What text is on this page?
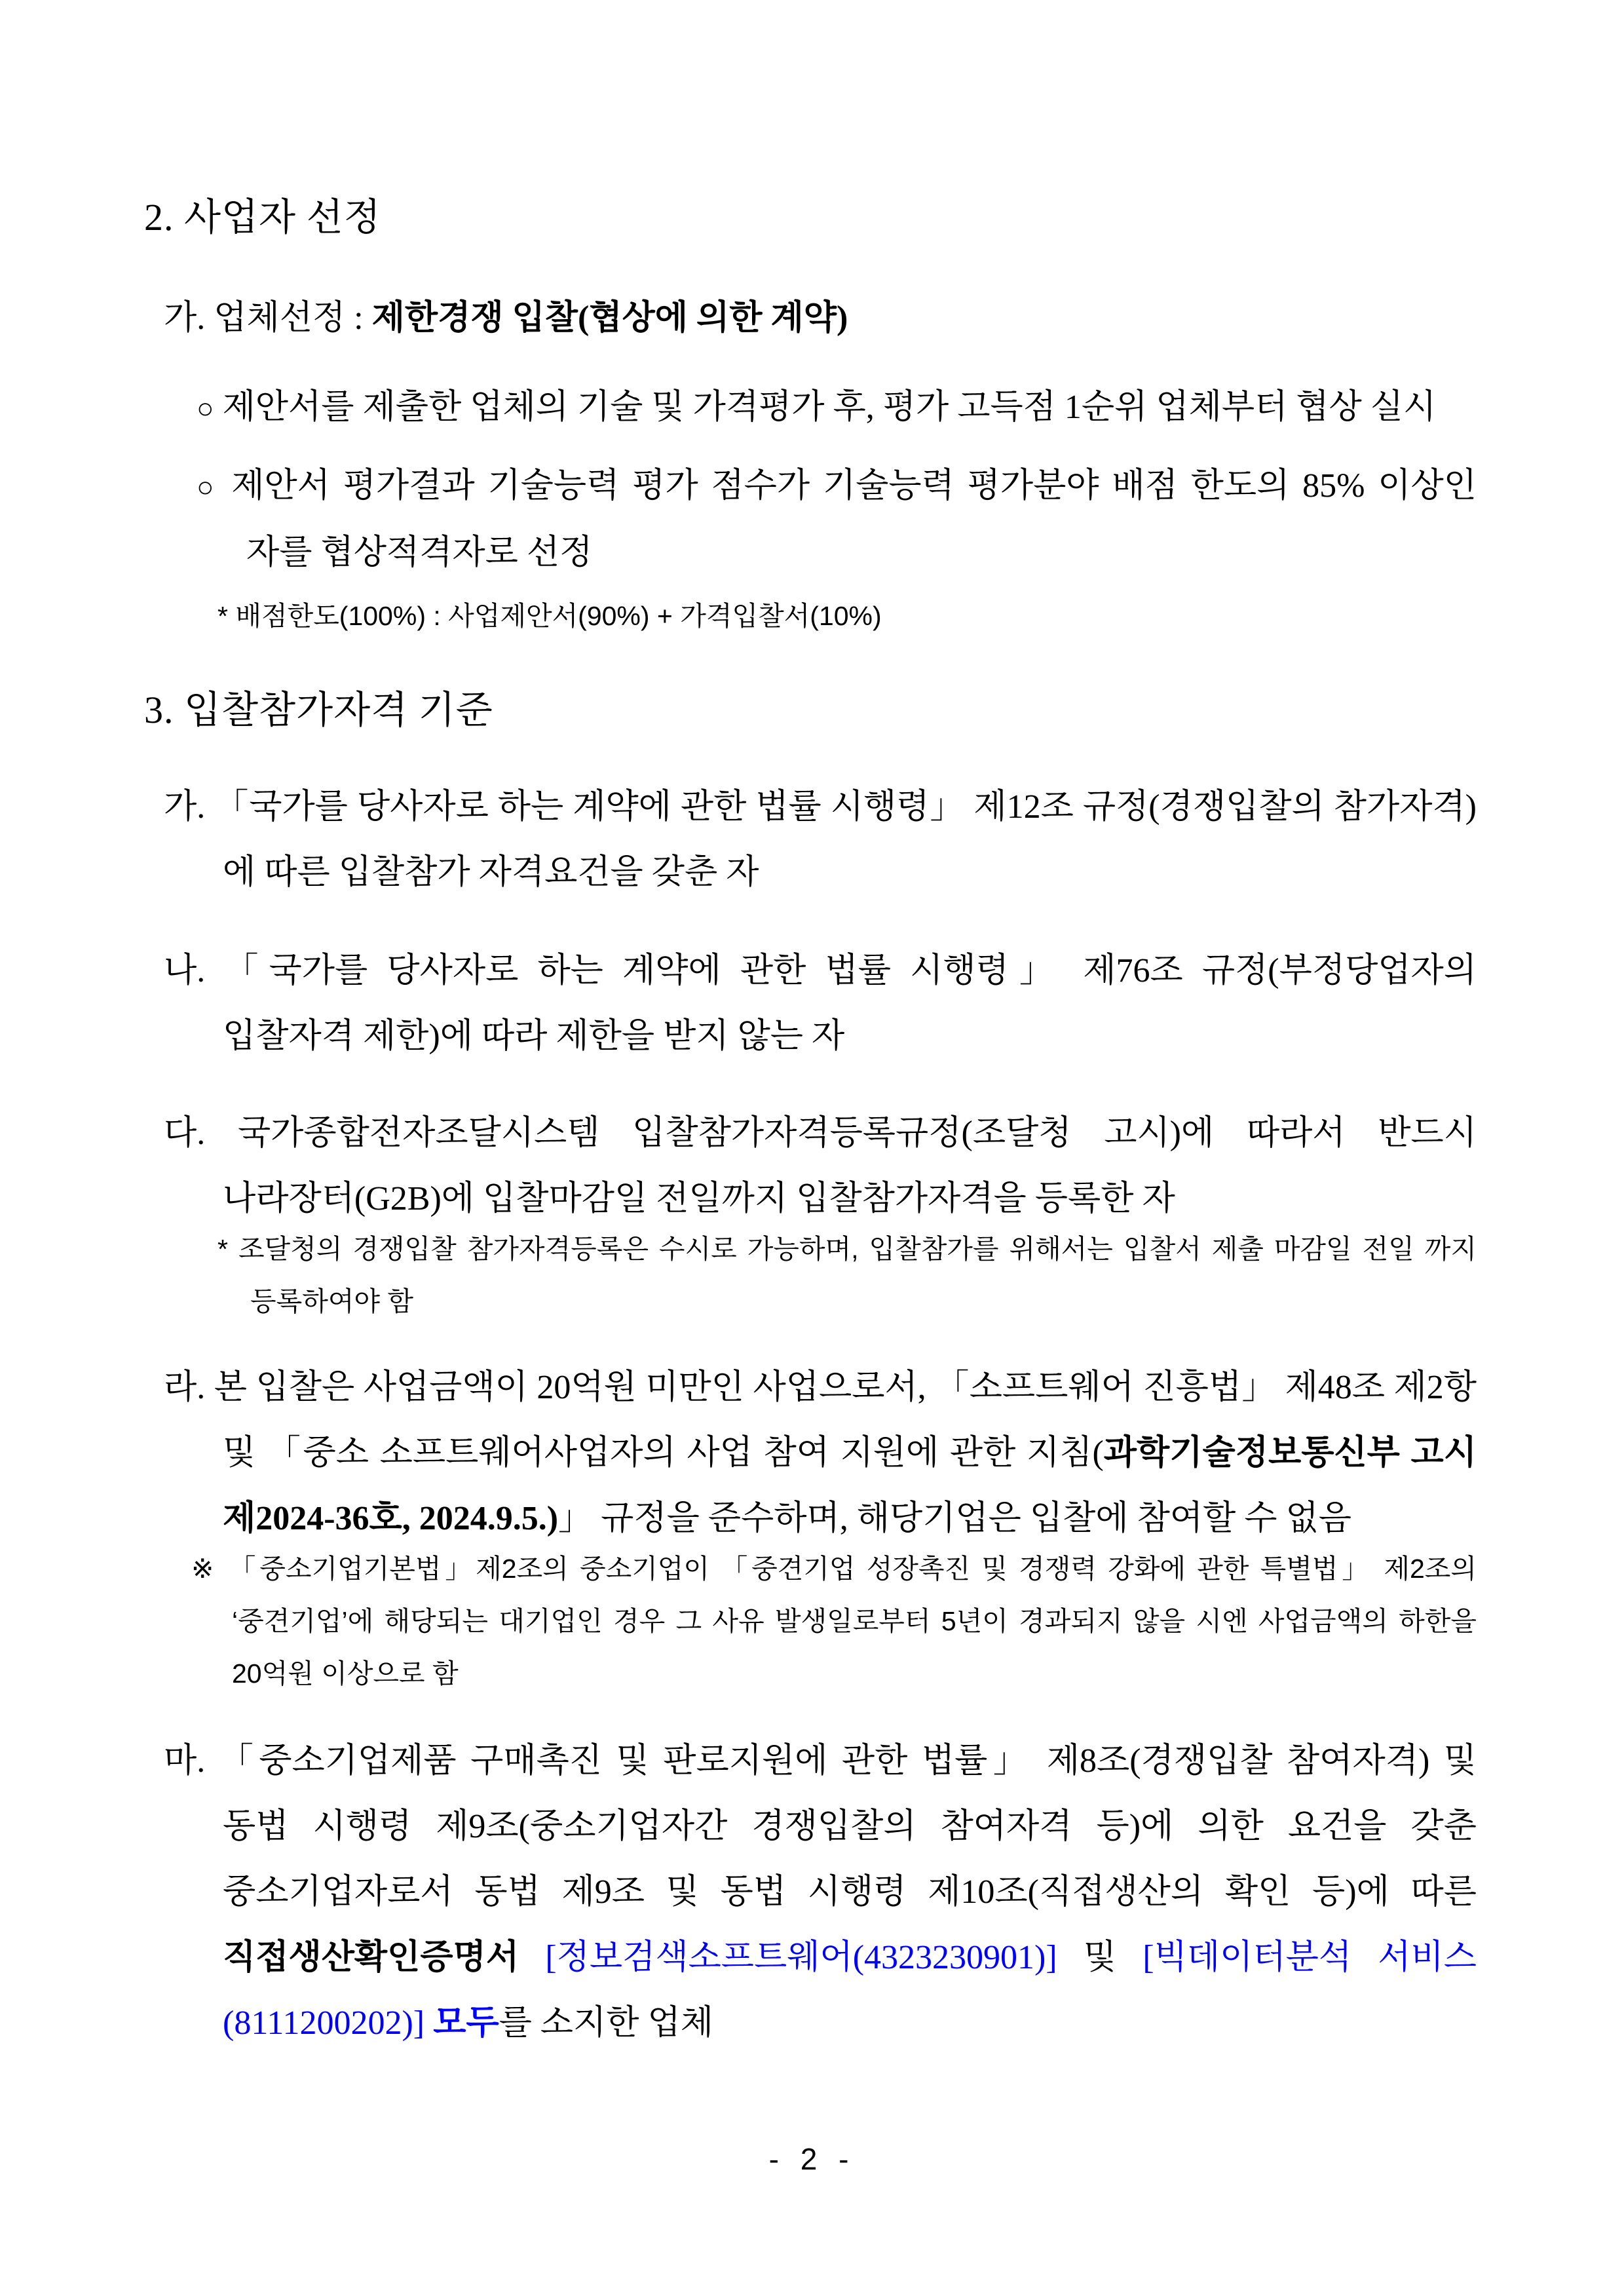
2. 사업자 선정
가. 업체선정 : 제한경쟁 입찰(협상에 의한 계약)
○ 제안서를 제출한 업체의 기술 및 가격평가 후, 평가 고득점 1순위 업체부터 협상 실시
○ 제안서 평가결과 기술능력 평가 점수가 기술능력 평가분야 배점 한도의 85% 이상인 자를 협상적격자로 선정
* 배점한도(100%) : 사업제안서(90%) + 가격입찰서(10%)
3. 입찰참가자격 기준
가. 「국가를 당사자로 하는 계약에 관한 법률 시행령」 제12조 규정(경쟁입찰의 참가자격)에 따른 입찰참가 자격요건을 갖춘 자
나. 「국가를 당사자로 하는 계약에 관한 법률 시행령」 제76조 규정(부정당업자의 입찰자격 제한)에 따라 제한을 받지 않는 자
다. 국가종합전자조달시스템 입찰참가자격등록규정(조달청 고시)에 따라서 반드시 나라장터(G2B)에 입찰마감일 전일까지 입찰참가자격을 등록한 자
* 조달청의 경쟁입찰 참가자격등록은 수시로 가능하며, 입찰참가를 위해서는 입찰서 제출 마감일 전일 까지 등록하여야 함
라. 본 입찰은 사업금액이 20억원 미만인 사업으로서, 「소프트웨어 진흥법」 제48조 제2항 및 「중소 소프트웨어사업자의 사업 참여 지원에 관한 지침(과학기술정보통신부 고시 제2024-36호, 2024.9.5.)」 규정을 준수하며, 해당기업은 입찰에 참여할 수 없음
※ 「중소기업기본법」제2조의 중소기업이 「중견기업 성장촉진 및 경쟁력 강화에 관한 특별법」 제2조의 ‘중견기업’에 해당되는 대기업인 경우 그 사유 발생일로부터 5년이 경과되지 않을 시엔 사업금액의 하한을 20억원 이상으로 함
마. 「중소기업제품 구매촉진 및 판로지원에 관한 법률」 제8조(경쟁입찰 참여자격) 및 동법 시행령 제9조(중소기업자간 경쟁입찰의 참여자격 등)에 의한 요건을 갖춘 중소기업자로서 동법 제9조 및 동법 시행령 제10조(직접생산의 확인 등)에 따른 직접생산확인증명서 [정보검색소프트웨어(4323230901)] 및 [빅데이터분석 서비스(8111200202)] 모두를 소지한 업체
- 2 -
